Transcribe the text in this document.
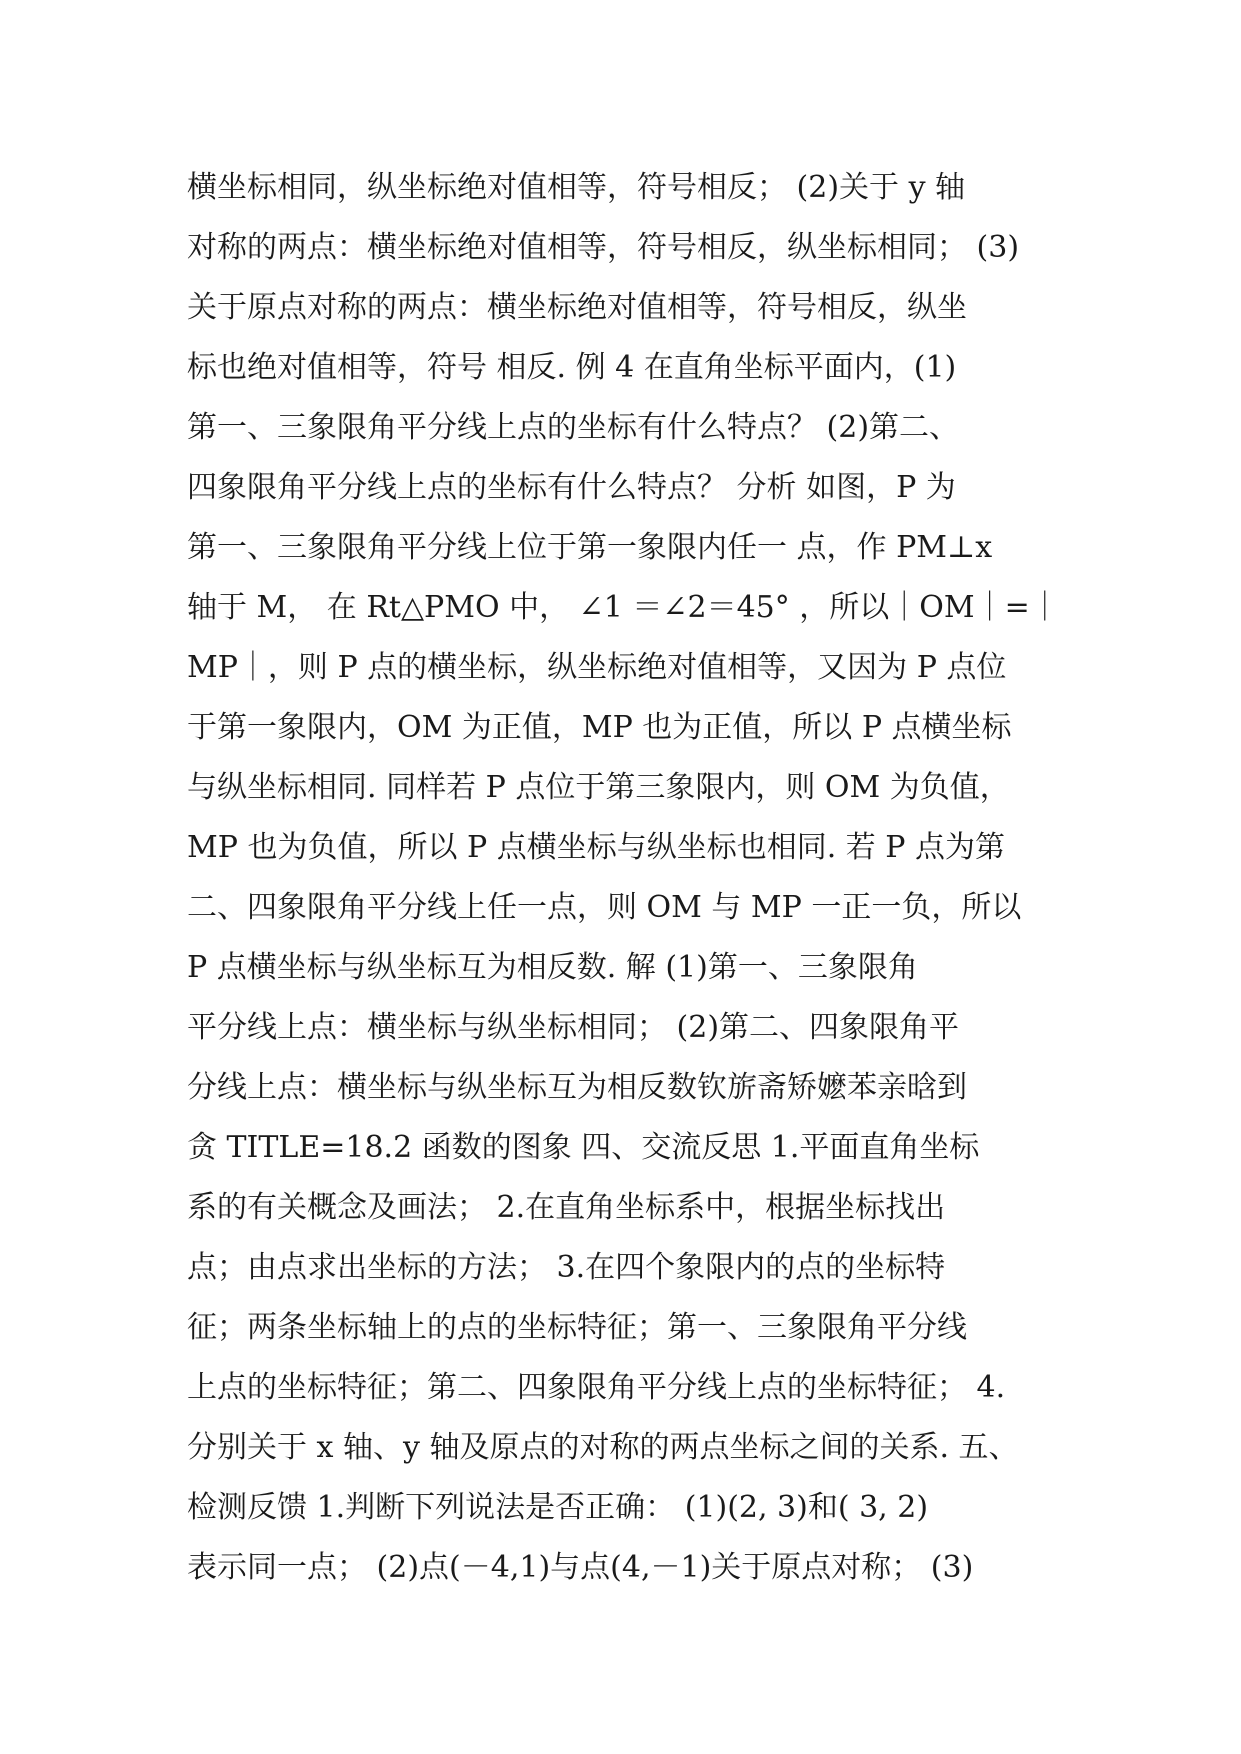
横坐标相同，纵坐标绝对值相等，符号相反； (2)关于 y 轴
对称的两点：横坐标绝对值相等，符号相反，纵坐标相同； (3)
关于原点对称的两点：横坐标绝对值相等，符号相反，纵坐
标也绝对值相等，符号 相反. 例 4 在直角坐标平面内，(1)
第一、三象限角平分线上点的坐标有什么特点？ (2)第二、
四象限角平分线上点的坐标有什么特点？ 分析 如图，P 为
第一、三象限角平分线上位于第一象限内任一 点，作 PM⊥x
轴于 M， 在 Rt△PMO 中， ∠1 ＝∠2＝45° ，所以｜OM｜=｜
MP｜，则 P 点的横坐标，纵坐标绝对值相等，又因为 P 点位
于第一象限内，OM 为正值，MP 也为正值，所以 P 点横坐标
与纵坐标相同. 同样若 P 点位于第三象限内，则 OM 为负值，
MP 也为负值，所以 P 点横坐标与纵坐标也相同. 若 P 点为第
二、四象限角平分线上任一点，则 OM 与 MP 一正一负，所以
P 点横坐标与纵坐标互为相反数. 解 (1)第一、三象限角
平分线上点：横坐标与纵坐标相同； (2)第二、四象限角平
分线上点：横坐标与纵坐标互为相反数钦旂斋矫嬷苯亲晗到
贪 TITLE=18.2 函数的图象 四、交流反思 1.平面直角坐标
系的有关概念及画法； 2.在直角坐标系中，根据坐标找出
点；由点求出坐标的方法； 3.在四个象限内的点的坐标特
征；两条坐标轴上的点的坐标特征；第一、三象限角平分线
上点的坐标特征；第二、四象限角平分线上点的坐标特征； 4.
分别关于 x 轴、y 轴及原点的对称的两点坐标之间的关系. 五、
检测反馈 1.判断下列说法是否正确： (1)(2, 3)和( 3, 2)
表示同一点； (2)点(－4,1)与点(4,－1)关于原点对称； (3)
